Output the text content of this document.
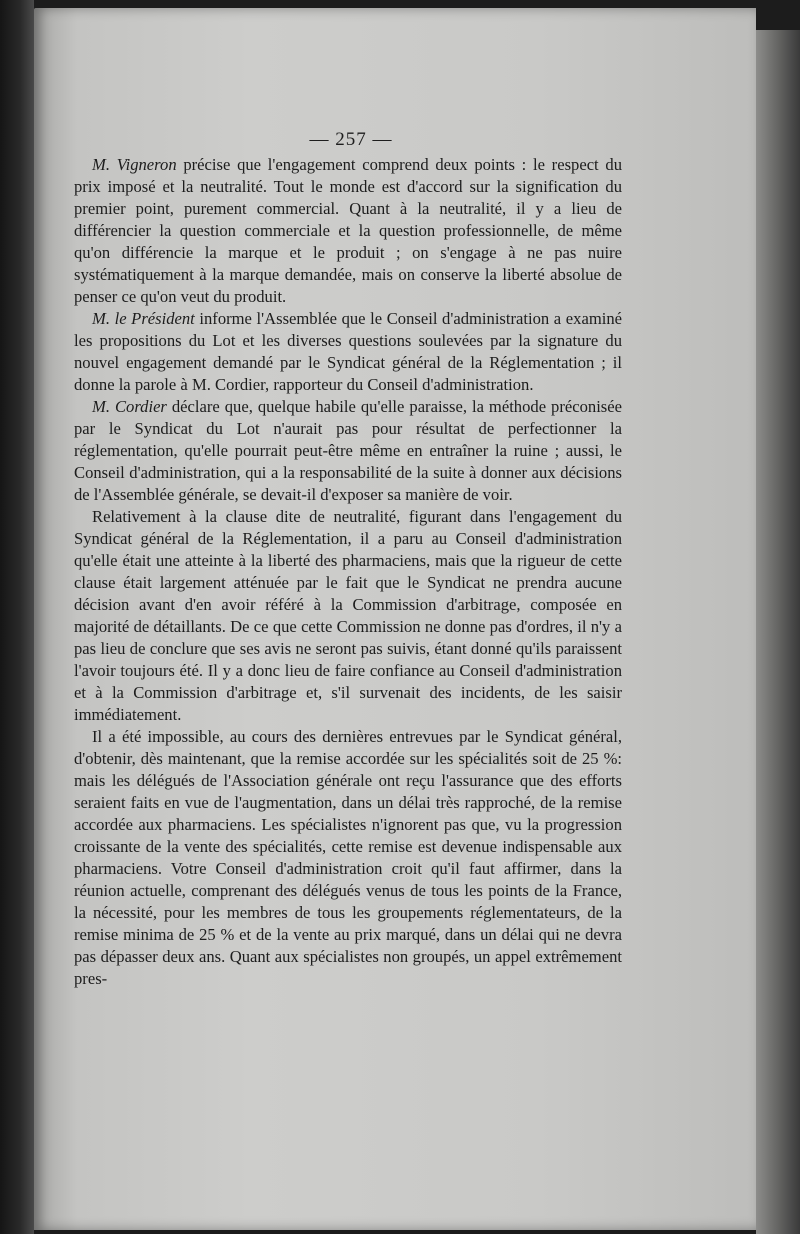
— 257 —

M. Vigneron précise que l'engagement comprend deux points : le respect du prix imposé et la neutralité. Tout le monde est d'accord sur la signification du premier point, purement commercial. Quant à la neutralité, il y a lieu de différencier la question commerciale et la question professionnelle, de même qu'on différencie la marque et le produit ; on s'engage à ne pas nuire systématiquement à la marque demandée, mais on conserve la liberté absolue de penser ce qu'on veut du produit.

M. le Président informe l'Assemblée que le Conseil d'administration a examiné les propositions du Lot et les diverses questions soulevées par la signature du nouvel engagement demandé par le Syndicat général de la Réglementation ; il donne la parole à M. Cordier, rapporteur du Conseil d'administration.

M. Cordier déclare que, quelque habile qu'elle paraisse, la méthode préconisée par le Syndicat du Lot n'aurait pas pour résultat de perfectionner la réglementation, qu'elle pourrait peut-être même en entraîner la ruine ; aussi, le Conseil d'administration, qui a la responsabilité de la suite à donner aux décisions de l'Assemblée générale, se devait-il d'exposer sa manière de voir.

Relativement à la clause dite de neutralité, figurant dans l'engagement du Syndicat général de la Réglementation, il a paru au Conseil d'administration qu'elle était une atteinte à la liberté des pharmaciens, mais que la rigueur de cette clause était largement atténuée par le fait que le Syndicat ne prendra aucune décision avant d'en avoir référé à la Commission d'arbitrage, composée en majorité de détaillants. De ce que cette Commission ne donne pas d'ordres, il n'y a pas lieu de conclure que ses avis ne seront pas suivis, étant donné qu'ils paraissent l'avoir toujours été. Il y a donc lieu de faire confiance au Conseil d'administration et à la Commission d'arbitrage et, s'il survenait des incidents, de les saisir immédiatement.

Il a été impossible, au cours des dernières entrevues par le Syndicat général, d'obtenir, dès maintenant, que la remise accordée sur les spécialités soit de 25 %: mais les délégués de l'Association générale ont reçu l'assurance que des efforts seraient faits en vue de l'augmentation, dans un délai très rapproché, de la remise accordée aux pharmaciens. Les spécialistes n'ignorent pas que, vu la progression croissante de la vente des spécialités, cette remise est devenue indispensable aux pharmaciens. Votre Conseil d'administration croit qu'il faut affirmer, dans la réunion actuelle, comprenant des délégués venus de tous les points de la France, la nécessité, pour les membres de tous les groupements réglementateurs, de la remise minima de 25 % et de la vente au prix marqué, dans un délai qui ne devra pas dépasser deux ans. Quant aux spécialistes non groupés, un appel extrêmement pres-
